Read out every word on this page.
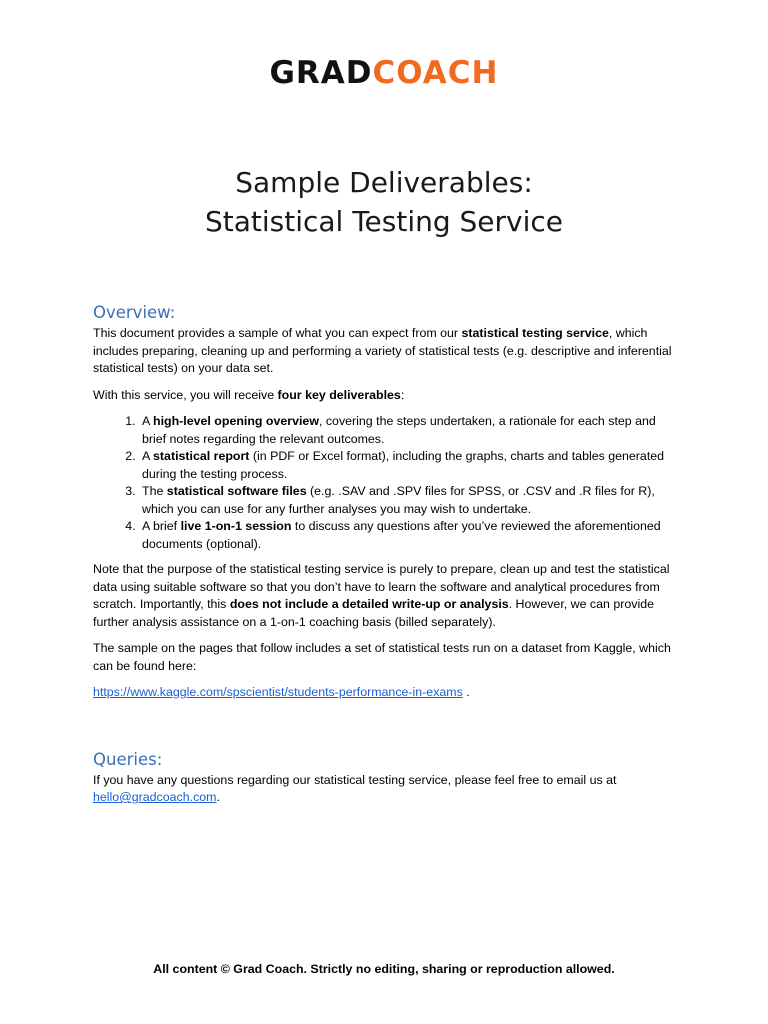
GRADCOACH
Sample Deliverables:
Statistical Testing Service
Overview:

This document provides a sample of what you can expect from our statistical testing service, which includes preparing, cleaning up and performing a variety of statistical tests (e.g. descriptive and inferential statistical tests) on your data set.

With this service, you will receive four key deliverables:

1. A high-level opening overview, covering the steps undertaken, a rationale for each step and brief notes regarding the relevant outcomes.
2. A statistical report (in PDF or Excel format), including the graphs, charts and tables generated during the testing process.
3. The statistical software files (e.g. .SAV and .SPV files for SPSS, or .CSV and .R files for R), which you can use for any further analyses you may wish to undertake.
4. A brief live 1-on-1 session to discuss any questions after you’ve reviewed the aforementioned documents (optional).

Note that the purpose of the statistical testing service is purely to prepare, clean up and test the statistical data using suitable software so that you don’t have to learn the software and analytical procedures from scratch. Importantly, this does not include a detailed write-up or analysis. However, we can provide further analysis assistance on a 1-on-1 coaching basis (billed separately).

The sample on the pages that follow includes a set of statistical tests run on a dataset from Kaggle, which can be found here:

https://www.kaggle.com/spscientist/students-performance-in-exams .

Queries:

If you have any questions regarding our statistical testing service, please feel free to email us at hello@gradcoach.com.

All content © Grad Coach. Strictly no editing, sharing or reproduction allowed.
